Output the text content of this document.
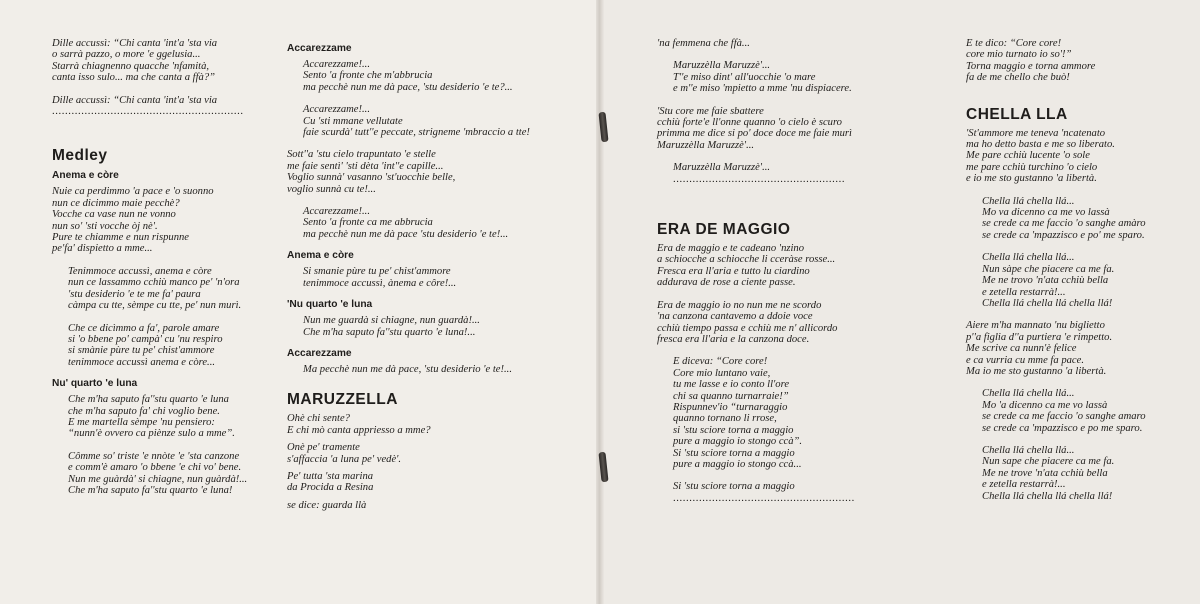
Dille accussì: “Chi canta 'int'a 'sta via
o sarrà pazzo, o more 'e ggelusia...
Starrà chiagnenno quacche 'nfamità,
canta isso sulo... ma che canta a ffà?”
Dille accussì: “Chi canta 'int'a 'sta via
...........................................................
Medley
Anema e còre
Nuie ca perdimmo 'a pace e 'o suonno
nun ce dicimmo maie pecchè?
Vocche ca vase nun ne vonno
nun so' 'sti vocche òj nè'.
Pure te chiamme e nun rispunne
pe'fa' dispietto a mme...
Tenimmoce accussì, anema e còre
nun ce lassammo cchiù manco pe' 'n'ora
'stu desiderio 'e te me fa' paura
càmpa cu tte, sèmpe cu tte, pe' nun murì.
Che ce dicìmmo a fa', parole amare
si 'o bbene po' campà' cu 'nu respiro
si smànie pùre tu pe' chist'ammore
tenimmoce accussì anema e còre...
Nu' quarto 'e luna
Che m'ha saputo fa''stu quarto 'e luna
che m'ha saputo fa' chi voglio bene.
E me martella sèmpe 'nu pensiero:
“nunn'è ovvero ca piènze sulo a mme”.
Cômme so' triste 'e nnòte 'e 'sta canzone
e comm'è amaro 'o bbene 'e chi vo' bene.
Nun me guàrdà' si chiagne, nun guàrdà!...
Che m'ha saputo fa''stu quarto 'e luna!
Accarezzame
Accarezzame!...
Sento 'a fronte che m'abbrucia
ma pecchè nun me dà pace, 'stu desiderio 'e te?...
Accarezzame!...
Cu 'sti mmane vellutate
faie scurdà' tutt''e peccate, strigneme 'mbraccio a tte!
Sott''a 'stu cielo trapuntato 'e stelle
me faie sentì' 'sti dèta 'int''e capille...
Voglio sunnà' vasanno 'st'uocchie belle,
voglio sunnà cu te!...
Accarezzame!...
Sento 'a fronte ca me abbrucia
ma pecchè nun me dà pace 'stu desiderio 'e te!...
Anema e còre
Si smanie pùre tu pe' chist'ammore
tenimmoce accussì, ànema e côre!...
'Nu quarto 'e luna
Nun me guardà si chiagne, nun guardà!...
Che m'ha saputo fa''stu quarto 'e luna!...
Accarezzame
Ma pecchè nun me dà pace, 'stu desiderio 'e te!...
MARUZZELLA
Ohè chi sente?
E chi mò canta appriesso a mme?
Onè pe' tramente
s'affaccia 'a luna pe' vedè'.
Pe' tutta 'sta marina
da Procida a Resina
se dice: guarda llà
'na femmena che ffà...
Maruzzèlla Maruzzè'...
T''e miso dint' all'uocchie 'o mare
e m''e miso 'mpietto a mme 'nu dispiacere.
'Stu core me faie sbattere
cchiù forte'e ll'onne quanno 'o cielo è scuro
primma me dice si po' doce doce me faie murì
Maruzzèlla Maruzzè'...
Maruzzèlla Maruzzè'...
.....................................................
ERA DE MAGGIO
Era de maggio e te cadeano 'nzino
a schiocche a schiocche li cceràse rosse...
Fresca era ll'aria e tutto lu ciardino
addurava de rose a ciente passe.
Era de maggio io no nun me ne scordo
'na canzona cantavemo a ddoie voce
cchiù tiempo passa e cchiù me n' allicordo
fresca era ll'aria e la canzona doce.
E diceva: “Core core!
Core mio luntano vaie,
tu me lasse e io conto ll'ore
chi sa quanno turnarraie!”
Rispunnev'io “turnaraggio
quanno tornano li rrose,
si 'stu sciore torna a maggio
pure a maggio io stongo ccà”.
Si 'stu sciore torna a maggio
pure a maggio io stongo ccà...
Si 'stu sciore torna a maggio
........................................................
E te dico: “Core core!
core mio turnato io so'!”
Torna maggio e torna ammore
fa de me chello che buò!
CHELLA LLA
'St'ammore me teneva 'ncatenato
ma ho detto basta e me so liberato.
Me pare cchiù lucente 'o sole
me pare cchiù turchino 'o cielo
e io me sto gustanno 'a libertà.
Chella llá chella llá...
Mo va dicenno ca me vo lassà
se crede ca me faccio 'o sanghe amàro
se crede ca 'mpazzisco e po' me sparo.
Chella llá chella llá...
Nun sàpe che piacere ca me fa.
Me ne trovo 'n'ata cchiù bella
e zetella restarrà!...
Chella llá chella llá chella llá!
Aiere m'ha mannato 'nu biglietto
p''a figlia d''a purtiera 'e rimpetto.
Me scrive ca nunn'è felice
e ca vurria cu mme fa pace.
Ma io me sto gustanno 'a libertà.
Chella llá chella llá...
Mo 'a dicenno ca me vo lassà
se crede ca me faccio 'o sanghe amaro
se crede ca 'mpazzisco e po me sparo.
Chella llá chella llá...
Nun sape che piacere ca me fa.
Me ne trove 'n'ata cchiù bella
e zetella restarrà!...
Chella llá chella llá chella llá!
